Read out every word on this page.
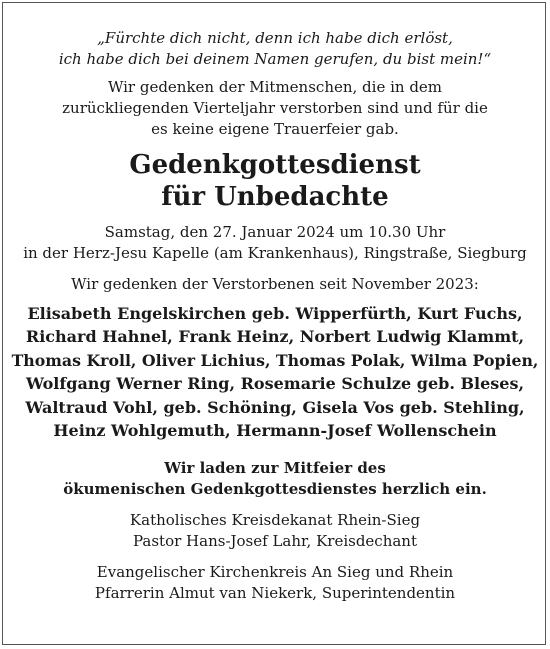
„Fürchte dich nicht, denn ich habe dich erlöst,
ich habe dich bei deinem Namen gerufen, du bist mein!“
Wir gedenken der Mitmenschen, die in dem
zurückliegenden Vierteljahr verstorben sind und für die
es keine eigene Trauerfeier gab.
Gedenkgottesdienst
für Unbedachte
Samstag, den 27. Januar 2024 um 10.30 Uhr
in der Herz-Jesu Kapelle (am Krankenhaus), Ringstraße, Siegburg
Wir gedenken der Verstorbenen seit November 2023:
Elisabeth Engelskirchen geb. Wipperfürth, Kurt Fuchs,
Richard Hahnel, Frank Heinz, Norbert Ludwig Klammt,
Thomas Kroll, Oliver Lichius, Thomas Polak, Wilma Popien,
Wolfgang Werner Ring, Rosemarie Schulze geb. Bleses,
Waltraud Vohl, geb. Schöning, Gisela Vos geb. Stehling,
Heinz Wohlgemuth, Hermann-Josef Wollenschein
Wir laden zur Mitfeier des
ökumenischen Gedenkgottesdienstes herzlich ein.
Katholisches Kreisdekanat Rhein-Sieg
Pastor Hans-Josef Lahr, Kreisdechant
Evangelischer Kirchenkreis An Sieg und Rhein
Pfarrerin Almut van Niekerk, Superintendentin
